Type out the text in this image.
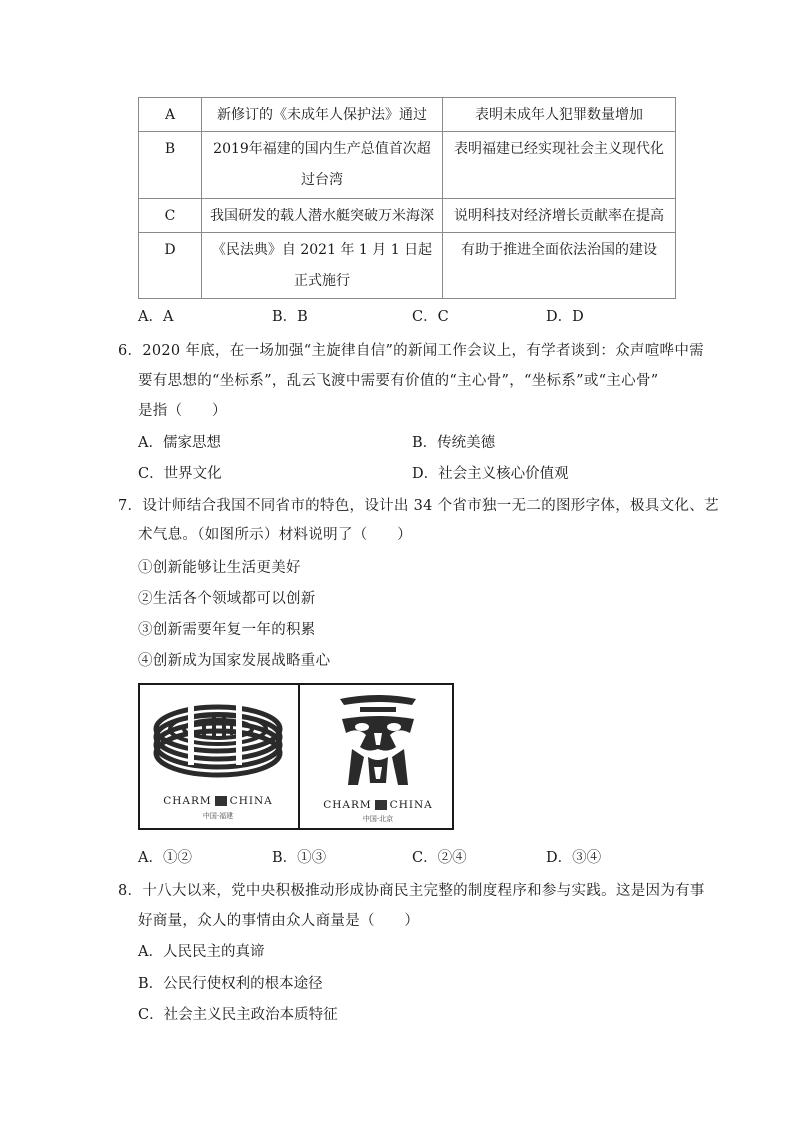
A	新修订的《未成年人保护法》通过	表明未成年人犯罪数量增加
B	2019年福建的国内生产总值首次超过台湾	表明福建已经实现社会主义现代化
C	我国研发的载人潜水艇突破万米海深	说明科技对经济增长贡献率在提高
D	《民法典》自 2021 年 1 月 1 日起正式施行	有助于推进全面依法治国的建设
A．A	B．B	C．C	D．D
6．2020 年底，在一场加强“主旋律自信”的新闻工作会议上，有学者谈到：众声喧哗中需
要有思想的“坐标系”，乱云飞渡中需要有价值的“主心骨”，“坐标系”或“主心骨”
是指（　　）
A．儒家思想	B．传统美德
C．世界文化	D．社会主义核心价值观
7．设计师结合我国不同省市的特色，设计出 34 个省市独一无二的图形字体，极具文化、艺
术气息。（如图所示）材料说明了（　　）
①创新能够让生活更美好
②生活各个领域都可以创新
③创新需要年复一年的积累
④创新成为国家发展战略重心
CHARM CHINA
中国·福建
CHARM CHINA
中国·北京
A．①②	B．①③	C．②④	D．③④
8．十八大以来，党中央积极推动形成协商民主完整的制度程序和参与实践。这是因为有事
好商量，众人的事情由众人商量是（　　）
A．人民民主的真谛
B．公民行使权利的根本途径
C．社会主义民主政治本质特征
